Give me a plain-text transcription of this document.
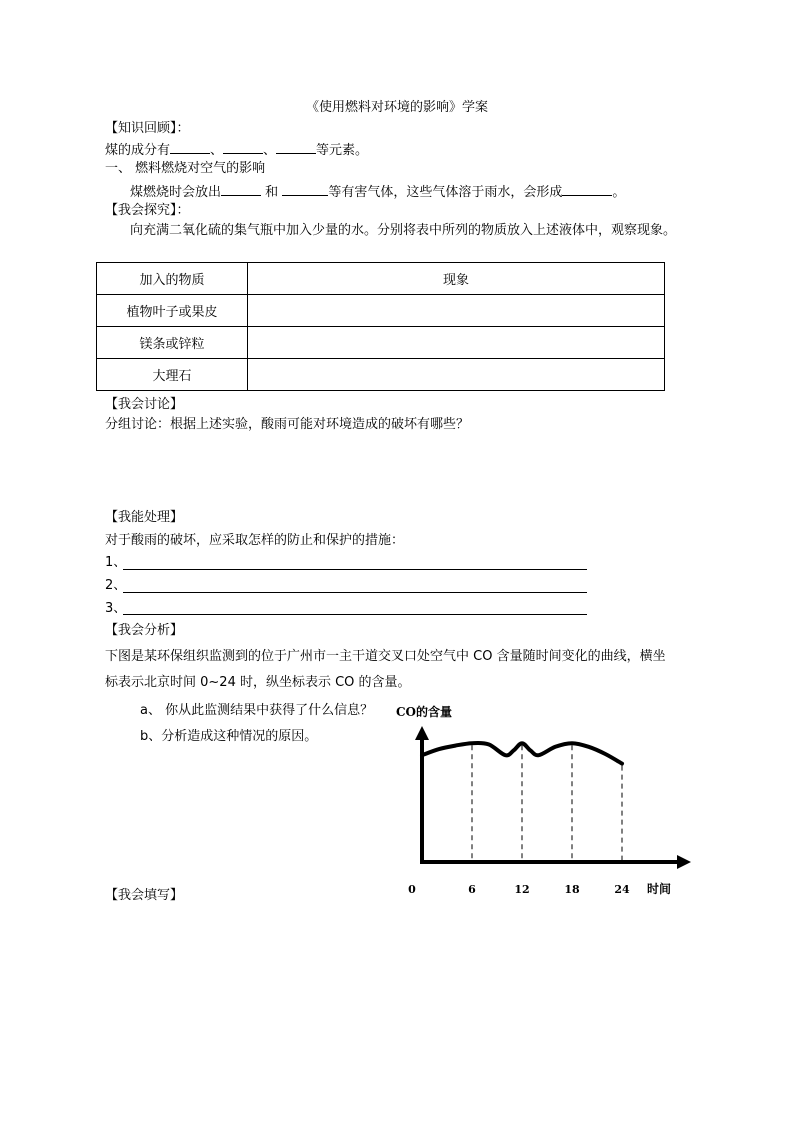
《使用燃料对环境的影响》学案
【知识回顾】：
煤的成分有	、	、	等元素。
一、 燃料燃烧对空气的影响
煤燃烧时会放出	和	等有害气体，这些气体溶于雨水，会形成	。
【我会探究】：
向充满二氧化硫的集气瓶中加入少量的水。分别将表中所列的物质放入上述液体中，观察现象。
加入的物质	现象
植物叶子或果皮	
镁条或锌粒	
大理石	
【我会讨论】
分组讨论：根据上述实验，酸雨可能对环境造成的破坏有哪些？
【我能处理】
对于酸雨的破坏，应采取怎样的防止和保护的措施：
1、
2、
3、
【我会分析】
下图是某环保组织监测到的位于广州市一主干道交叉口处空气中 CO 含量随时间变化的曲线，横坐
标表示北京时间 0~24 时，纵坐标表示 CO 的含量。
a、 你从此监测结果中获得了什么信息？
b、分析造成这种情况的原因。
CO的含量
时间
0	6	12	18	24
【我会填写】
